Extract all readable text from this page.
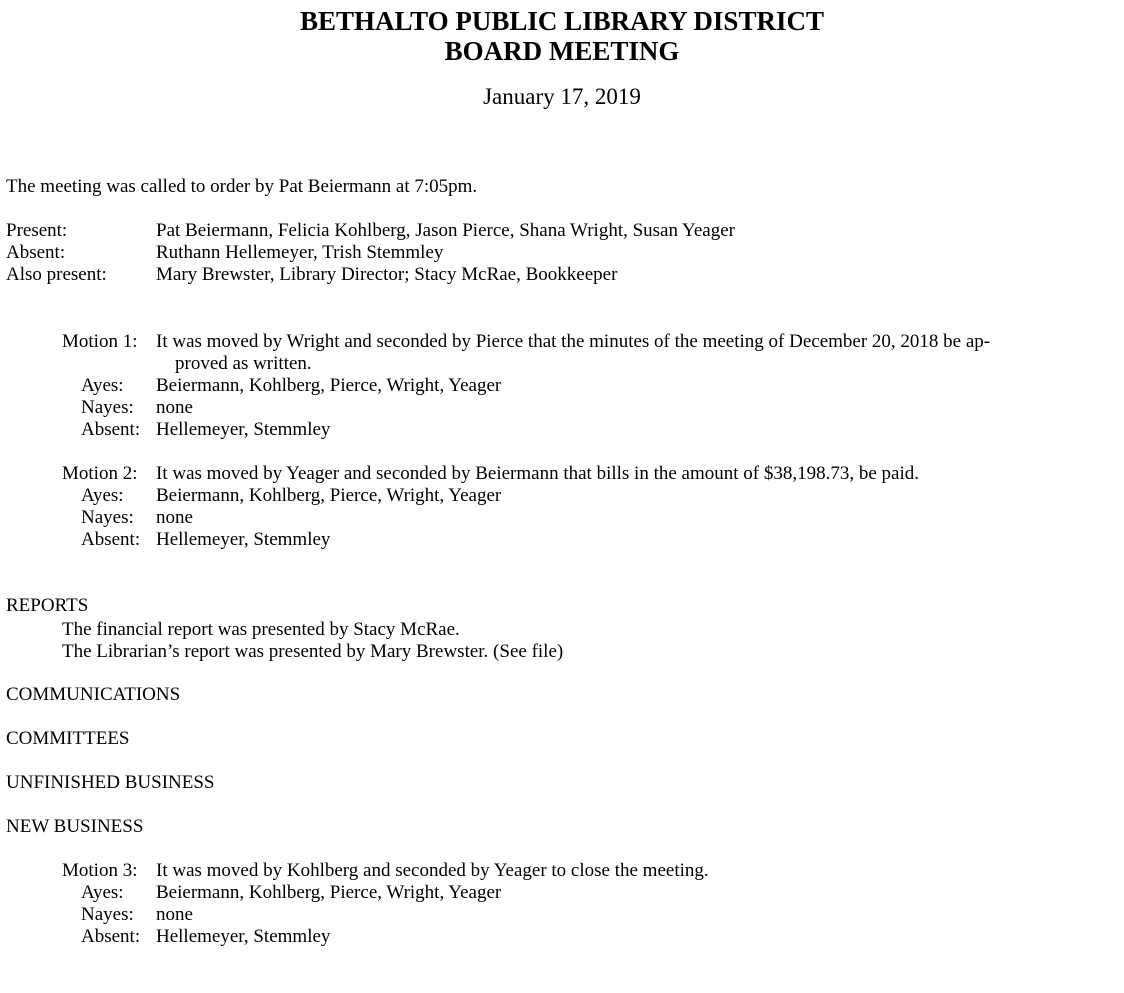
BETHALTO PUBLIC LIBRARY DISTRICT
BOARD MEETING
January 17, 2019
The meeting was called to order by Pat Beiermann at 7:05pm.
Present:	Pat Beiermann, Felicia Kohlberg, Jason Pierce, Shana Wright, Susan Yeager
Absent:	Ruthann Hellemeyer, Trish Stemmley
Also present:	Mary Brewster, Library Director; Stacy McRae, Bookkeeper
Motion 1: It was moved by Wright and seconded by Pierce that the minutes of the meeting of December 20, 2018 be ap-
proved as written.
Ayes: Beiermann, Kohlberg, Pierce, Wright, Yeager
Nayes: none
Absent: Hellemeyer, Stemmley
Motion 2: It was moved by Yeager and seconded by Beiermann that bills in the amount of $38,198.73, be paid.
Ayes: Beiermann, Kohlberg, Pierce, Wright, Yeager
Nayes: none
Absent: Hellemeyer, Stemmley
REPORTS
The financial report was presented by Stacy McRae.
The Librarian’s report was presented by Mary Brewster. (See file)
COMMUNICATIONS
COMMITTEES
UNFINISHED BUSINESS
NEW BUSINESS
Motion 3: It was moved by Kohlberg and seconded by Yeager to close the meeting.
Ayes: Beiermann, Kohlberg, Pierce, Wright, Yeager
Nayes: none
Absent: Hellemeyer, Stemmley
